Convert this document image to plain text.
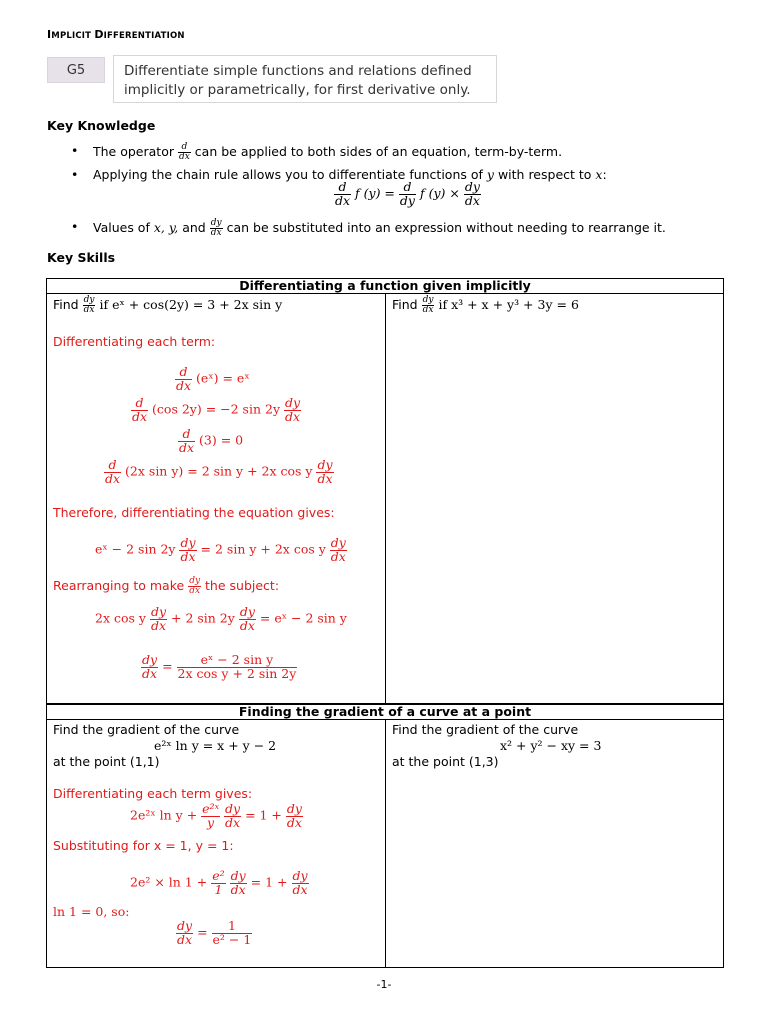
IMPLICIT DIFFERENTIATION
G5	Differentiate simple functions and relations defined
implicitly or parametrically, for first derivative only.
Key Knowledge
• The operator $\frac{d}{dx}$ can be applied to both sides of an equation, term-by-term.
• Applying the chain rule allows you to differentiate functions of y with respect to x:
$\frac{d}{dx}$ f $(y) = \frac{d}{dy}$ f $(y) \times \frac{dy}{dx}$
• Values of x, y, and $\frac{dy}{dx}$ can be substituted into an expression without needing to rearrange it.
Key Skills
Differentiating a function given implicitly
Find $\frac{dy}{dx}$ if eˣ + cos(2y) = 3 + 2x sin y	Find $\frac{dy}{dx}$ if x³ + x + y³ + 3y = 6
Differentiating each term:
$\frac{d}{dx}$ (eˣ) = eˣ
$\frac{d}{dx} (\cos$ 2y) = −2 $\sin 2y \frac{dy}{dx}$
$\frac{d}{dx} (3) = 0$
$\frac{d}{dx} (2x$ sin y) = 2 sin y + 2x cos y $\frac{dy}{dx}$
Therefore, differentiating the equation gives:
eˣ − 2 $\sin 2y \frac{dy}{dx} = 2$ sin y + 2x cos y $\frac{dy}{dx}$
Rearranging to make $\frac{dy}{dx}$ the subject:
2x cos y $\frac{dy}{dx} + 2$ $\sin 2y \frac{dy}{dx}$ = eˣ − 2 sin y
$\frac{dy}{dx} = \frac{\text{eˣ − 2 sin y}}{\text{2x cos y + 2 sin 2y}}$
Finding the gradient of a curve at a point
Find the gradient of the curve
e²ˣ ln y = x + y − 2
at the point (1,1)
Find the gradient of the curve
x² + y² − xy = 3
at the point (1,3)
Differentiating each term gives:
2e²ˣ $\ln y + \frac{\text{e²ˣ}}{y}$
$\frac{dy}{dx} = 1 + \frac{dy}{dx}$
Substituting for x = 1, y = 1:
$2e^2 \times \ln 1 + \frac{\text{e²}}{1}$
$\frac{dy}{dx} = 1 + \frac{dy}{dx}$
ln 1 = 0, so:
$\frac{dy}{dx} = \frac{1}{\text{e² − 1}}$
-1-
